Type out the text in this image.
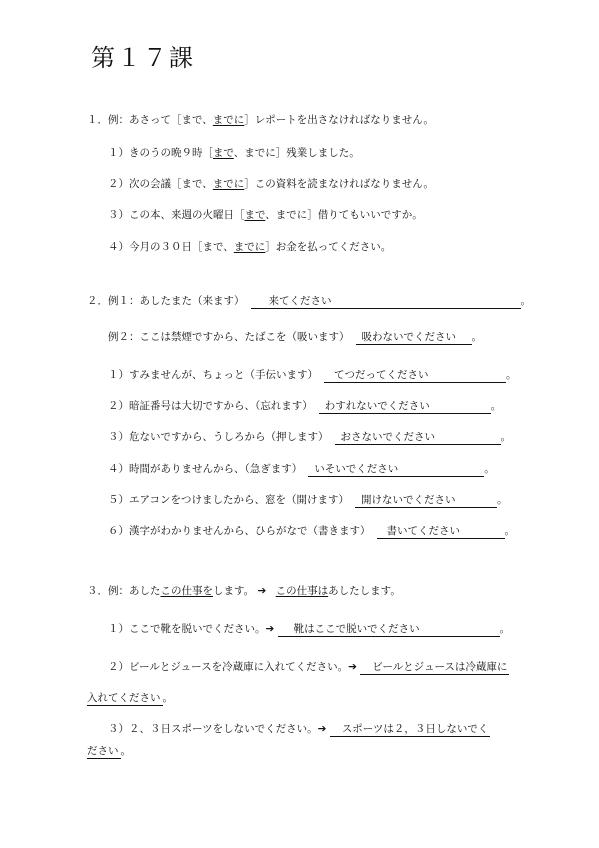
第１７課
１．例：あさって［まで、までに］レポートを出さなければなりません。
１）きのうの晩９時［まで、までに］残業しました。
２）次の会議［まで、までに］この資料を読まなければなりません。
３）この本、来週の火曜日［まで、までに］借りてもいいですか。
４）今月の３０日［まで、までに］お金を払ってください。
２．例１：あしたまた（来ます） 来てください	。
例２：ここは禁煙ですから、たばこを（吸います） 吸わないでください 。
１）すみませんが、ちょっと（手伝います） てつだってください	。
２）暗証番号は大切ですから、（忘れます） わすれないでください	。
３）危ないですから、うしろから（押します） おさないでください	。
４）時間がありませんから、（急ぎます） いそいでください	。
５）エアコンをつけましたから、窓を（開けます） 開けないでください	。
６）漢字がわかりませんから、ひらがなで（書きます） 書いてください	。
３．例：あしたこの仕事をします。 ➔ この仕事はあしたします。
１）ここで靴を脱いでください。➔ 靴はここで脱いでください	。
２）ビールとジュースを冷蔵庫に入れてください。➔ ビールとジュースは冷蔵庫に
入れてください 。
３）２、３日スポーツをしないでください。➔ スポーツは２，３日しないでく
ださい 。
